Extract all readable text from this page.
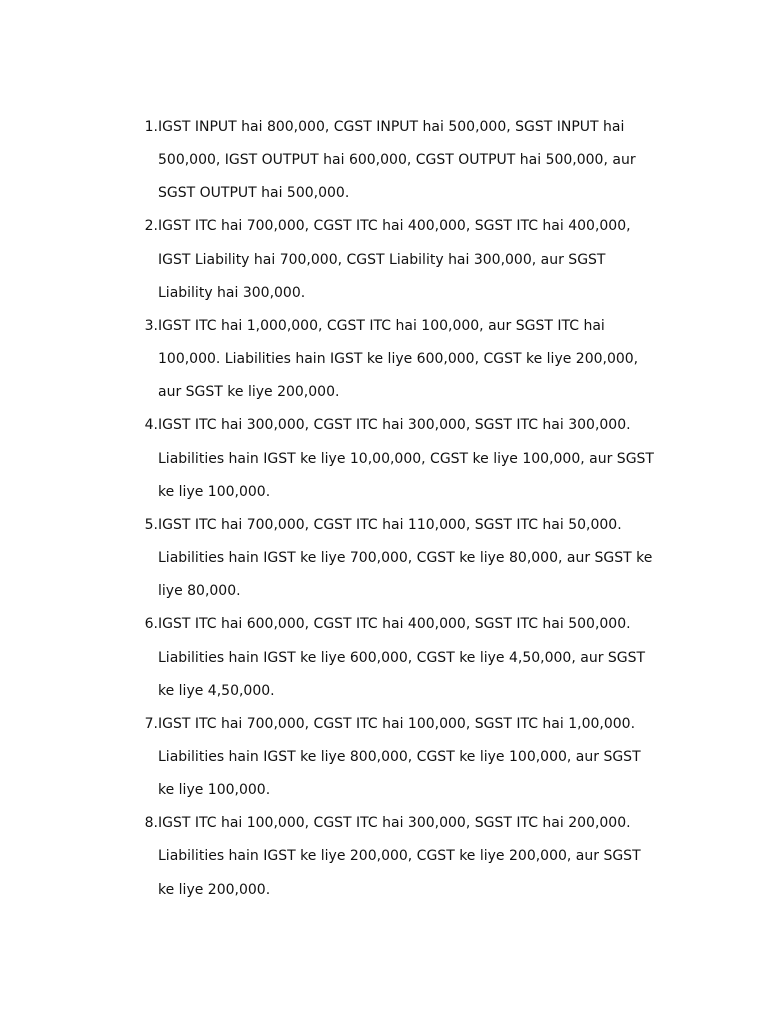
1. IGST INPUT hai 800,000, CGST INPUT hai 500,000, SGST INPUT hai
500,000, IGST OUTPUT hai 600,000, CGST OUTPUT hai 500,000, aur
SGST OUTPUT hai 500,000.
2. IGST ITC hai 700,000, CGST ITC hai 400,000, SGST ITC hai 400,000,
IGST Liability hai 700,000, CGST Liability hai 300,000, aur SGST
Liability hai 300,000.
3. IGST ITC hai 1,000,000, CGST ITC hai 100,000, aur SGST ITC hai
100,000. Liabilities hain IGST ke liye 600,000, CGST ke liye 200,000,
aur SGST ke liye 200,000.
4. IGST ITC hai 300,000, CGST ITC hai 300,000, SGST ITC hai 300,000.
Liabilities hain IGST ke liye 10,00,000, CGST ke liye 100,000, aur SGST
ke liye 100,000.
5. IGST ITC hai 700,000, CGST ITC hai 110,000, SGST ITC hai 50,000.
Liabilities hain IGST ke liye 700,000, CGST ke liye 80,000, aur SGST ke
liye 80,000.
6. IGST ITC hai 600,000, CGST ITC hai 400,000, SGST ITC hai 500,000.
Liabilities hain IGST ke liye 600,000, CGST ke liye 4,50,000, aur SGST
ke liye 4,50,000.
7. IGST ITC hai 700,000, CGST ITC hai 100,000, SGST ITC hai 1,00,000.
Liabilities hain IGST ke liye 800,000, CGST ke liye 100,000, aur SGST
ke liye 100,000.
8. IGST ITC hai 100,000, CGST ITC hai 300,000, SGST ITC hai 200,000.
Liabilities hain IGST ke liye 200,000, CGST ke liye 200,000, aur SGST
ke liye 200,000.
